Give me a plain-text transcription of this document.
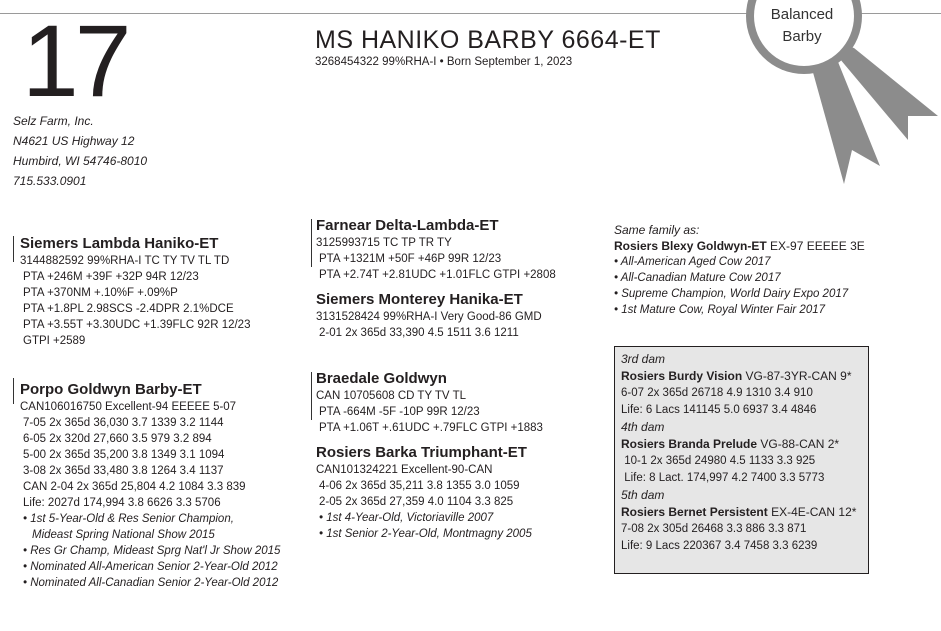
17
Selz Farm, Inc.
N4621 US Highway 12
Humbird, WI 54746-8010
715.533.0901
MS HANIKO BARBY 6664-ET
3268454322 99%RHA-I • Born September 1, 2023
Balanced
Barby
Siemers Lambda Haniko-ET
3144882592 99%RHA-I TC TY TV TL TD
PTA +246M +39F +32P 94R 12/23
PTA +370NM +.10%F +.09%P
PTA +1.8PL 2.98SCS -2.4DPR 2.1%DCE
PTA +3.55T +3.30UDC +1.39FLC 92R 12/23
GTPI +2589
Porpo Goldwyn Barby-ET
CAN106016750 Excellent-94 EEEEE 5-07
7-05 2x 365d 36,030 3.7 1339 3.2 1144
6-05 2x 320d 27,660 3.5 979 3.2 894
5-00 2x 365d 35,200 3.8 1349 3.1 1094
3-08 2x 365d 33,480 3.8 1264 3.4 1137
CAN 2-04 2x 365d 25,804 4.2 1084 3.3 839
Life: 2027d 174,994 3.8 6626 3.3 5706
• 1st 5-Year-Old & Res Senior Champion,
Mideast Spring National Show 2015
• Res Gr Champ, Mideast Sprg Nat'l Jr Show 2015
• Nominated All-American Senior 2-Year-Old 2012
• Nominated All-Canadian Senior 2-Year-Old 2012
Farnear Delta-Lambda-ET
3125993715 TC TP TR TY
PTA +1321M +50F +46P 99R 12/23
PTA +2.74T +2.81UDC +1.01FLC GTPI +2808
Siemers Monterey Hanika-ET
3131528424 99%RHA-I Very Good-86 GMD
2-01 2x 365d 33,390 4.5 1511 3.6 1211
Braedale Goldwyn
CAN 10705608 CD TY TV TL
PTA -664M -5F -10P 99R 12/23
PTA +1.06T +.61UDC +.79FLC GTPI +1883
Rosiers Barka Triumphant-ET
CAN101324221 Excellent-90-CAN
4-06 2x 365d 35,211 3.8 1355 3.0 1059
2-05 2x 365d 27,359 4.0 1104 3.3 825
• 1st 4-Year-Old, Victoriaville 2007
• 1st Senior 2-Year-Old, Montmagny 2005
Same family as:
Rosiers Blexy Goldwyn-ET EX-97 EEEEE 3E
• All-American Aged Cow 2017
• All-Canadian Mature Cow 2017
• Supreme Champion, World Dairy Expo 2017
• 1st Mature Cow, Royal Winter Fair 2017
3rd dam
Rosiers Burdy Vision VG-87-3YR-CAN 9*
6-07 2x 365d 26718 4.9 1310 3.4 910
Life: 6 Lacs 141145 5.0 6937 3.4 4846
4th dam
Rosiers Branda Prelude VG-88-CAN 2*
10-1 2x 365d 24980 4.5 1133 3.3 925
Life: 8 Lact. 174,997 4.2 7400 3.3 5773
5th dam
Rosiers Bernet Persistent EX-4E-CAN 12*
7-08 2x 305d 26468 3.3 886 3.3 871
Life: 9 Lacs 220367 3.4 7458 3.3 6239
